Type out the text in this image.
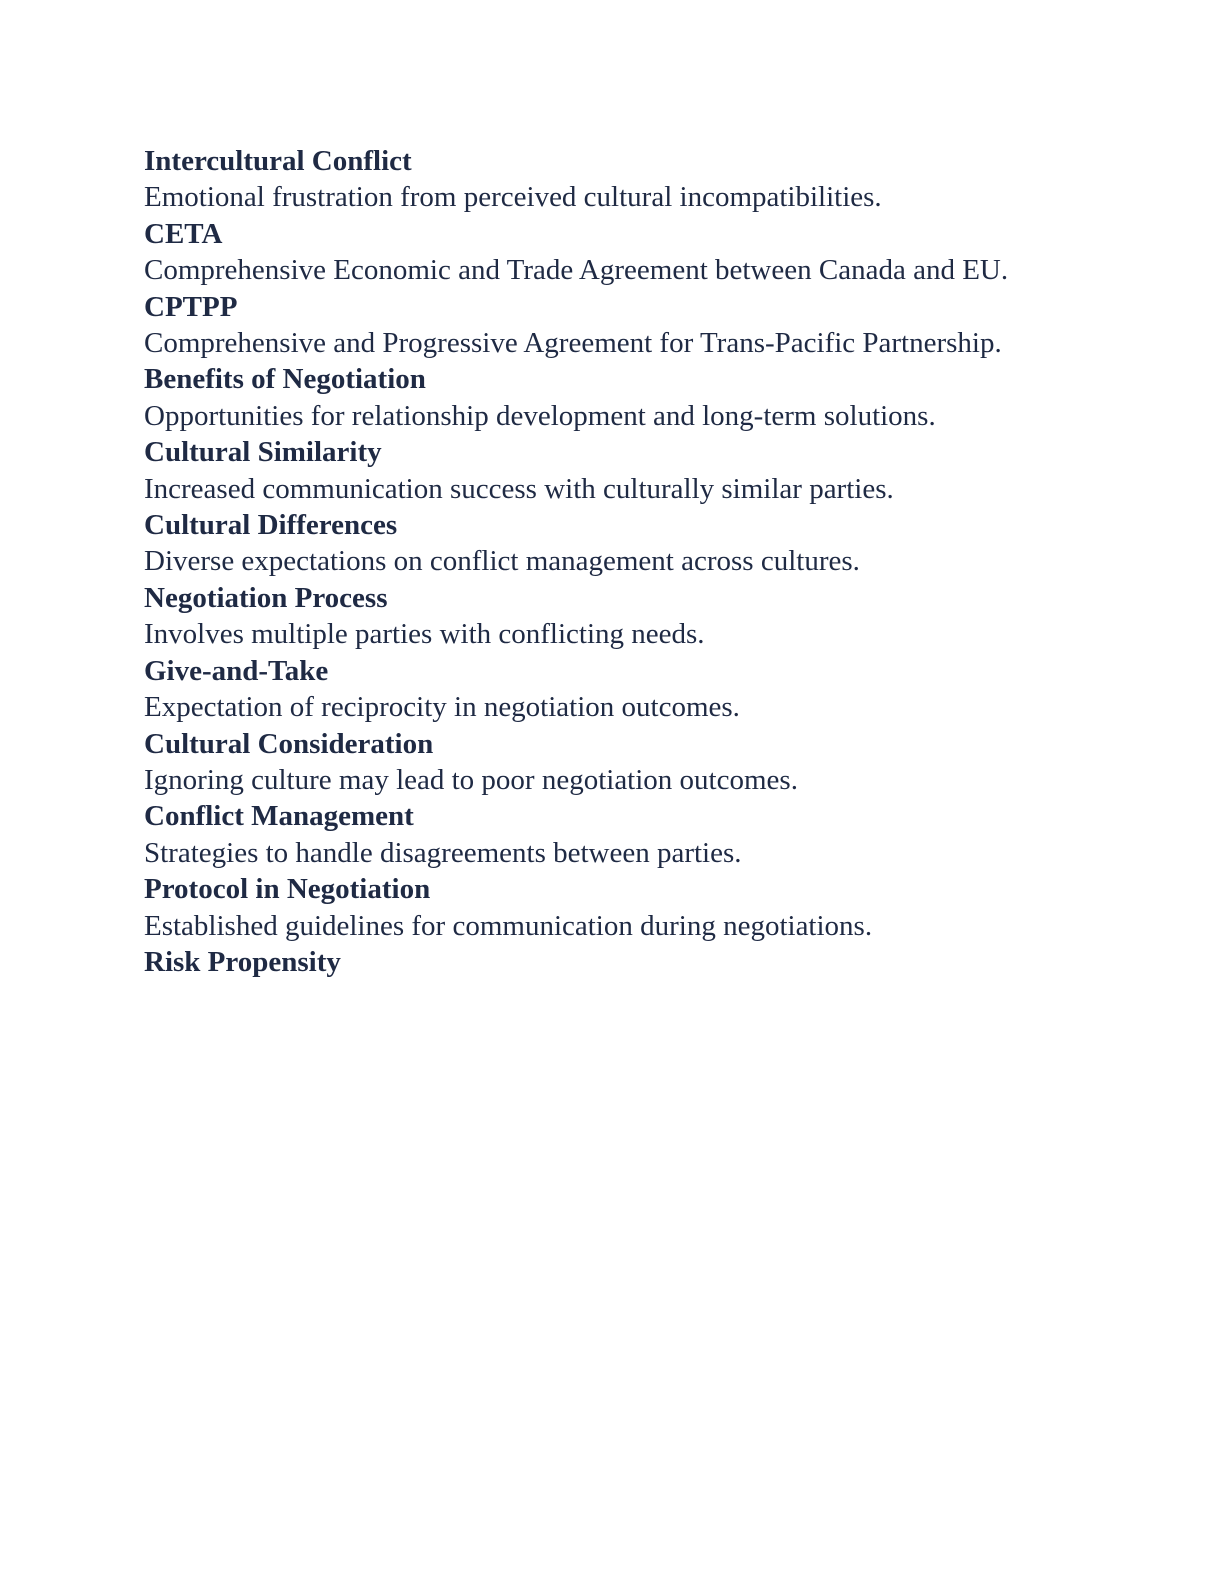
Intercultural Conflict

Emotional frustration from perceived cultural incompatibilities.

CETA

Comprehensive Economic and Trade Agreement between Canada and EU.

CPTPP

Comprehensive and Progressive Agreement for Trans-Pacific Partnership.

Benefits of Negotiation

Opportunities for relationship development and long-term solutions.

Cultural Similarity

Increased communication success with culturally similar parties.

Cultural Differences

Diverse expectations on conflict management across cultures.

Negotiation Process

Involves multiple parties with conflicting needs.

Give-and-Take

Expectation of reciprocity in negotiation outcomes.

Cultural Consideration

Ignoring culture may lead to poor negotiation outcomes.

Conflict Management

Strategies to handle disagreements between parties.

Protocol in Negotiation

Established guidelines for communication during negotiations.

Risk Propensity
